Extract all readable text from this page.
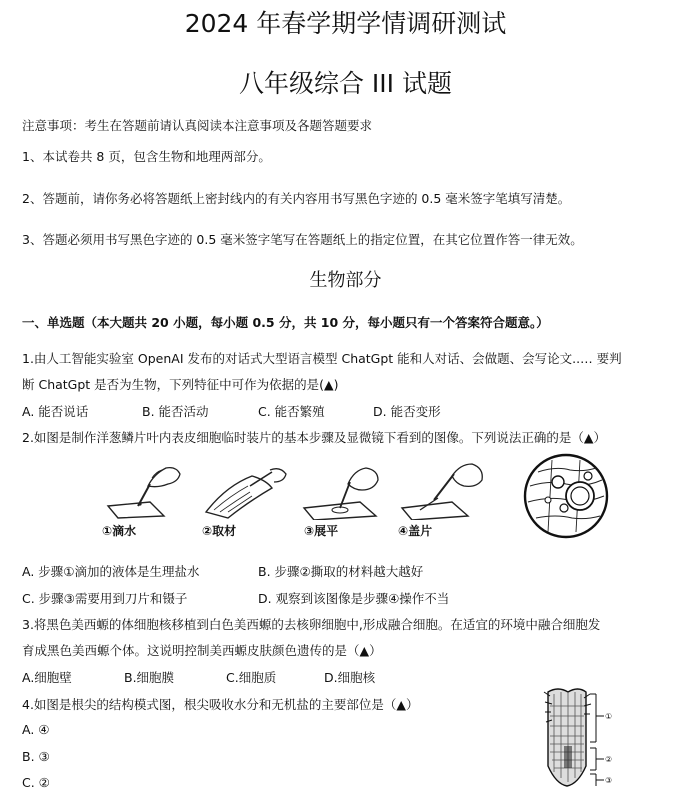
2024 年春学期学情调研测试
八年级综合 III 试题
注意事项：考生在答题前请认真阅读本注意事项及各题答题要求
1、本试卷共 8 页，包含生物和地理两部分。
2、答题前，请你务必将答题纸上密封线内的有关内容用书写黑色字迹的 0.5 毫米签字笔填写清楚。
3、答题必须用书写黑色字迹的 0.5 毫米签字笔写在答题纸上的指定位置，在其它位置作答一律无效。
生物部分
一、单选题（本大题共 20 小题，每小题 0.5 分，共 10 分，每小题只有一个答案符合题意。）
1.由人工智能实验室 OpenAI 发布的对话式大型语言模型 ChatGpt 能和人对话、会做题、会写论文..… 要判
断 ChatGpt 是否为生物，下列特征中可作为依据的是(▲)
A. 能否说话	B. 能否活动	C. 能否繁殖	D. 能否变形
2.如图是制作洋葱鳞片叶内表皮细胞临时装片的基本步骤及显微镜下看到的图像。下列说法正确的是（▲）
①滴水	②取材	③展平	④盖片
A. 步骤①滴加的液体是生理盐水	B. 步骤②撕取的材料越大越好
C. 步骤③需要用到刀片和镊子	D. 观察到该图像是步骤④操作不当
3.将黑色美西螈的体细胞核移植到白色美西螈的去核卵细胞中,形成融合细胞。在适宜的环境中融合细胞发
育成黑色美西螈个体。这说明控制美西螈皮肤颜色遗传的是（▲）
A.细胞壁	B.细胞膜	C.细胞质	D.细胞核
4.如图是根尖的结构模式图，根尖吸收水分和无机盐的主要部位是（▲）
A. ④
B. ③
C. ②
①
②
③
